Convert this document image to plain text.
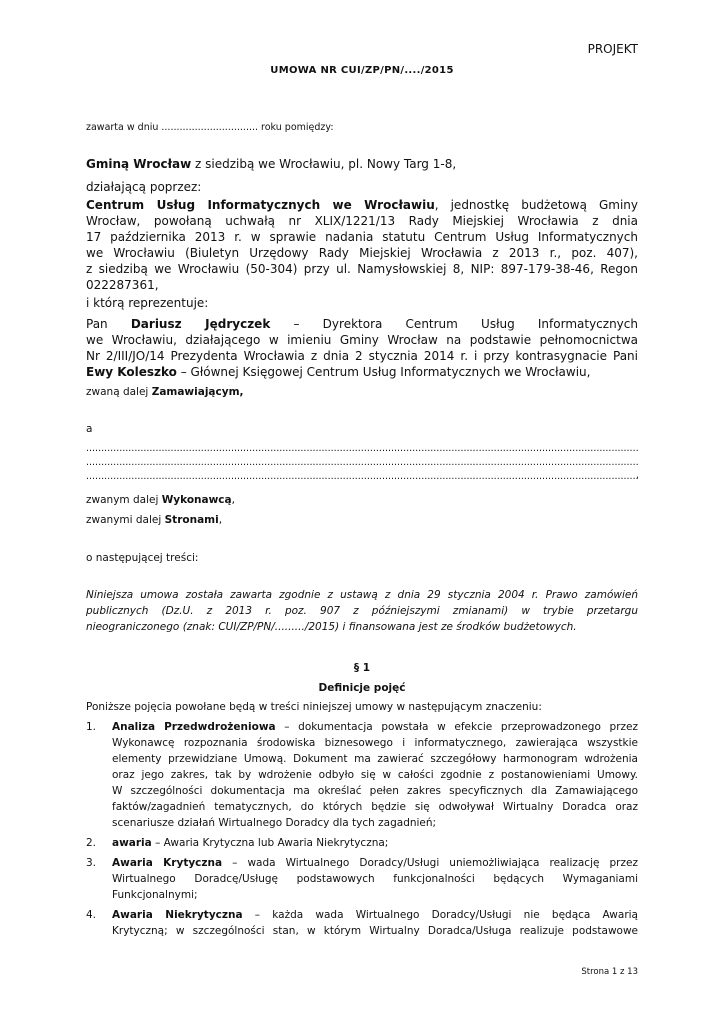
PROJEKT
UMOWA NR CUI/ZP/PN/..../2015
zawarta w dniu ................................ roku pomiędzy:
Gminą Wrocław z siedzibą we Wrocławiu, pl. Nowy Targ 1-8,
działającą poprzez:
Centrum Usług Informatycznych we Wrocławiu, jednostkę budżetową Gminy
Wrocław, powołaną uchwałą nr XLIX/1221/13 Rady Miejskiej Wrocławia z dnia
17 października 2013 r. w sprawie nadania statutu Centrum Usług Informatycznych
we Wrocławiu (Biuletyn Urzędowy Rady Miejskiej Wrocławia z 2013 r., poz. 407),
z siedzibą we Wrocławiu (50-304) przy ul. Namysłowskiej 8, NIP: 897-179-38-46, Regon
022287361,
i którą reprezentuje:
Pan Dariusz Jędryczek – Dyrektora Centrum Usług Informatycznych
we Wrocławiu, działającego w imieniu Gminy Wrocław na podstawie pełnomocnictwa
Nr 2/III/JO/14 Prezydenta Wrocławia z dnia 2 stycznia 2014 r. i przy kontrasygnacie Pani
Ewy Koleszko – Głównej Księgowej Centrum Usług Informatycznych we Wrocławiu,
zwaną dalej Zamawiającym,
a
.....
.....
.....
,
zwanym dalej Wykonawcą,
zwanymi dalej Stronami,
o następującej treści:
Niniejsza umowa została zawarta zgodnie z ustawą z dnia 29 stycznia 2004 r. Prawo zamówień
publicznych (Dz.U. z 2013 r. poz. 907 z późniejszymi zmianami) w trybie przetargu
nieograniczonego (znak: CUI/ZP/PN/........./2015) i finansowana jest ze środków budżetowych.
§ 1
Definicje pojęć
Poniższe pojęcia powołane będą w treści niniejszej umowy w następującym znaczeniu:
1.	Analiza Przedwdrożeniowa – dokumentacja powstała w efekcie przeprowadzonego przez
Wykonawcę rozpoznania środowiska biznesowego i informatycznego, zawierająca wszystkie
elementy przewidziane Umową. Dokument ma zawierać szczegółowy harmonogram wdrożenia
oraz jego zakres, tak by wdrożenie odbyło się w całości zgodnie z postanowieniami Umowy.
W szczególności dokumentacja ma określać pełen zakres specyficznych dla Zamawiającego
faktów/zagadnień tematycznych, do których będzie się odwoływał Wirtualny Doradca oraz
scenariusze działań Wirtualnego Doradcy dla tych zagadnień;
2.	awaria – Awaria Krytyczna lub Awaria Niekrytyczna;
3.	Awaria Krytyczna – wada Wirtualnego Doradcy/Usługi uniemożliwiająca realizację przez
Wirtualnego Doradcę/Usługę podstawowych funkcjonalności będących Wymaganiami
Funkcjonalnymi;
4.	Awaria Niekrytyczna – każda wada Wirtualnego Doradcy/Usługi nie będąca Awarią
Krytyczną; w szczególności stan, w którym Wirtualny Doradca/Usługa realizuje podstawowe
Strona 1 z 13
